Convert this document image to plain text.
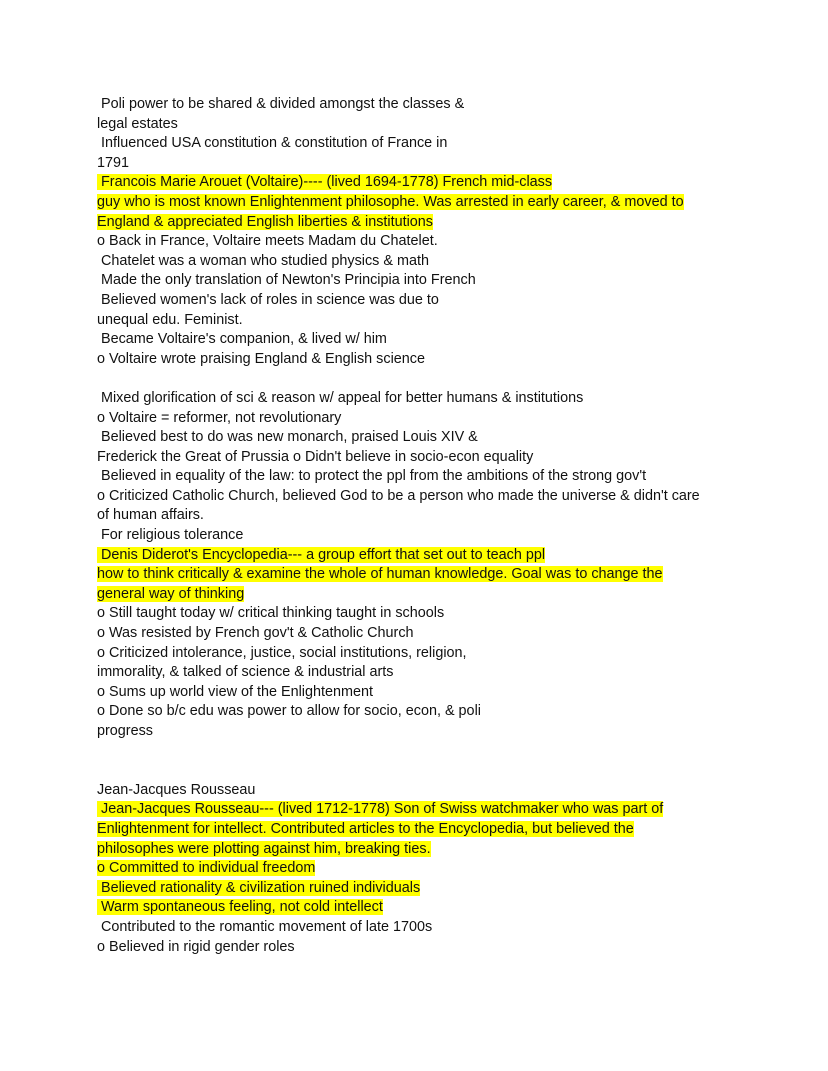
Poli power to be shared & divided amongst the classes &
legal estates
Influenced USA constitution & constitution of France in
1791
Francois Marie Arouet (Voltaire)---- (lived 1694-1778) French mid-class
guy who is most known Enlightenment philosophe. Was arrested in early career, & moved to
England & appreciated English liberties & institutions
o Back in France, Voltaire meets Madam du Chatelet.
Chatelet was a woman who studied physics & math
Made the only translation of Newton's Principia into French
Believed women's lack of roles in science was due to
unequal edu. Feminist.
Became Voltaire's companion, & lived w/ him
o Voltaire wrote praising England & English science
Mixed glorification of sci & reason w/ appeal for better humans & institutions
o Voltaire = reformer, not revolutionary
Believed best to do was new monarch, praised Louis XIV &
Frederick the Great of Prussia o Didn't believe in socio-econ equality
Believed in equality of the law: to protect the ppl from the ambitions of the strong gov't
o Criticized Catholic Church, believed God to be a person who made the universe & didn't care
of human affairs.
For religious tolerance
Denis Diderot's Encyclopedia--- a group effort that set out to teach ppl
how to think critically & examine the whole of human knowledge. Goal was to change the
general way of thinking
o Still taught today w/ critical thinking taught in schools
o Was resisted by French gov't & Catholic Church
o Criticized intolerance, justice, social institutions, religion,
immorality, & talked of science & industrial arts
o Sums up world view of the Enlightenment
o Done so b/c edu was power to allow for socio, econ, & poli
progress
Jean-Jacques Rousseau
Jean-Jacques Rousseau--- (lived 1712-1778) Son of Swiss watchmaker who was part of
Enlightenment for intellect. Contributed articles to the Encyclopedia, but believed the
philosophes were plotting against him, breaking ties.
o Committed to individual freedom
Believed rationality & civilization ruined individuals
Warm spontaneous feeling, not cold intellect
Contributed to the romantic movement of late 1700s
o Believed in rigid gender roles
